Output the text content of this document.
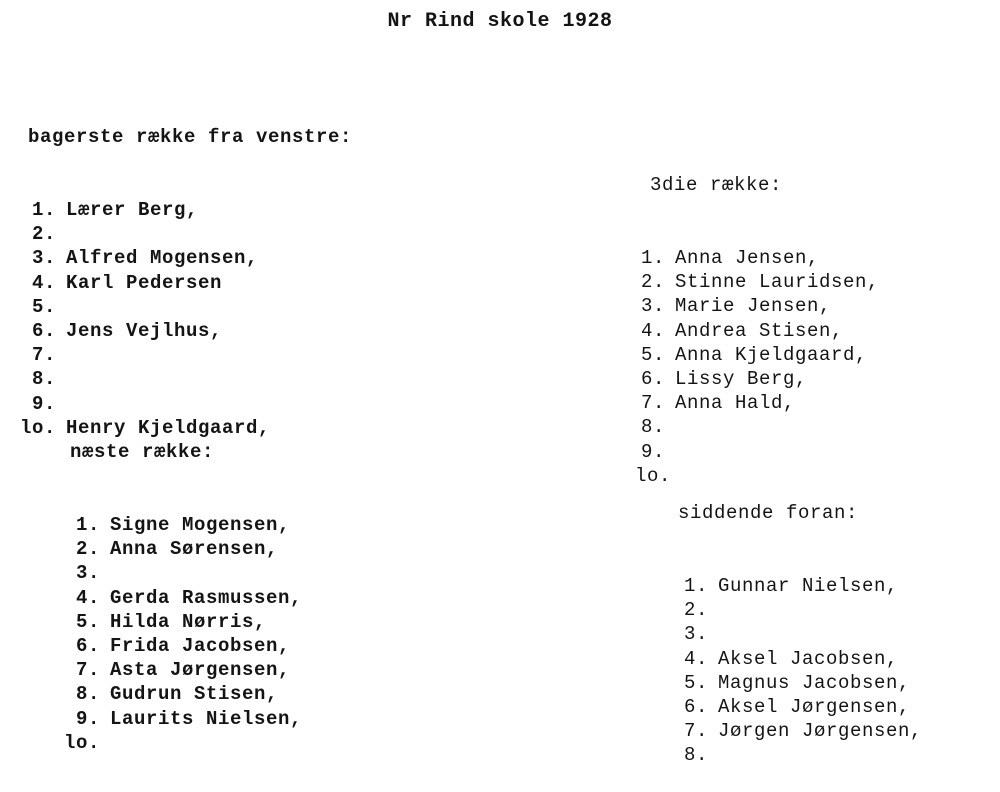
Nr Rind skole 1928

bagerste række fra venstre:

1. Lærer Berg,
2.
3. Alfred Mogensen,
4. Karl Pedersen
5.
6. Jens Vejlhus,
7.
8.
9.
lo. Henry Kjeldgaard,

næste række:

1. Signe Mogensen,
2. Anna Sørensen,
3.
4. Gerda Rasmussen,
5. Hilda Nørris,
6. Frida Jacobsen,
7. Asta Jørgensen,
8. Gudrun Stisen,
9. Laurits Nielsen,
lo.

3die række:

1. Anna Jensen,
2. Stinne Lauridsen,
3. Marie Jensen,
4. Andrea Stisen,
5. Anna Kjeldgaard,
6. Lissy Berg,
7. Anna Hald,
8.
9.
lo.

siddende foran:

1. Gunnar Nielsen,
2.
3.
4. Aksel Jacobsen,
5. Magnus Jacobsen,
6. Aksel Jørgensen,
7. Jørgen Jørgensen,
8.
